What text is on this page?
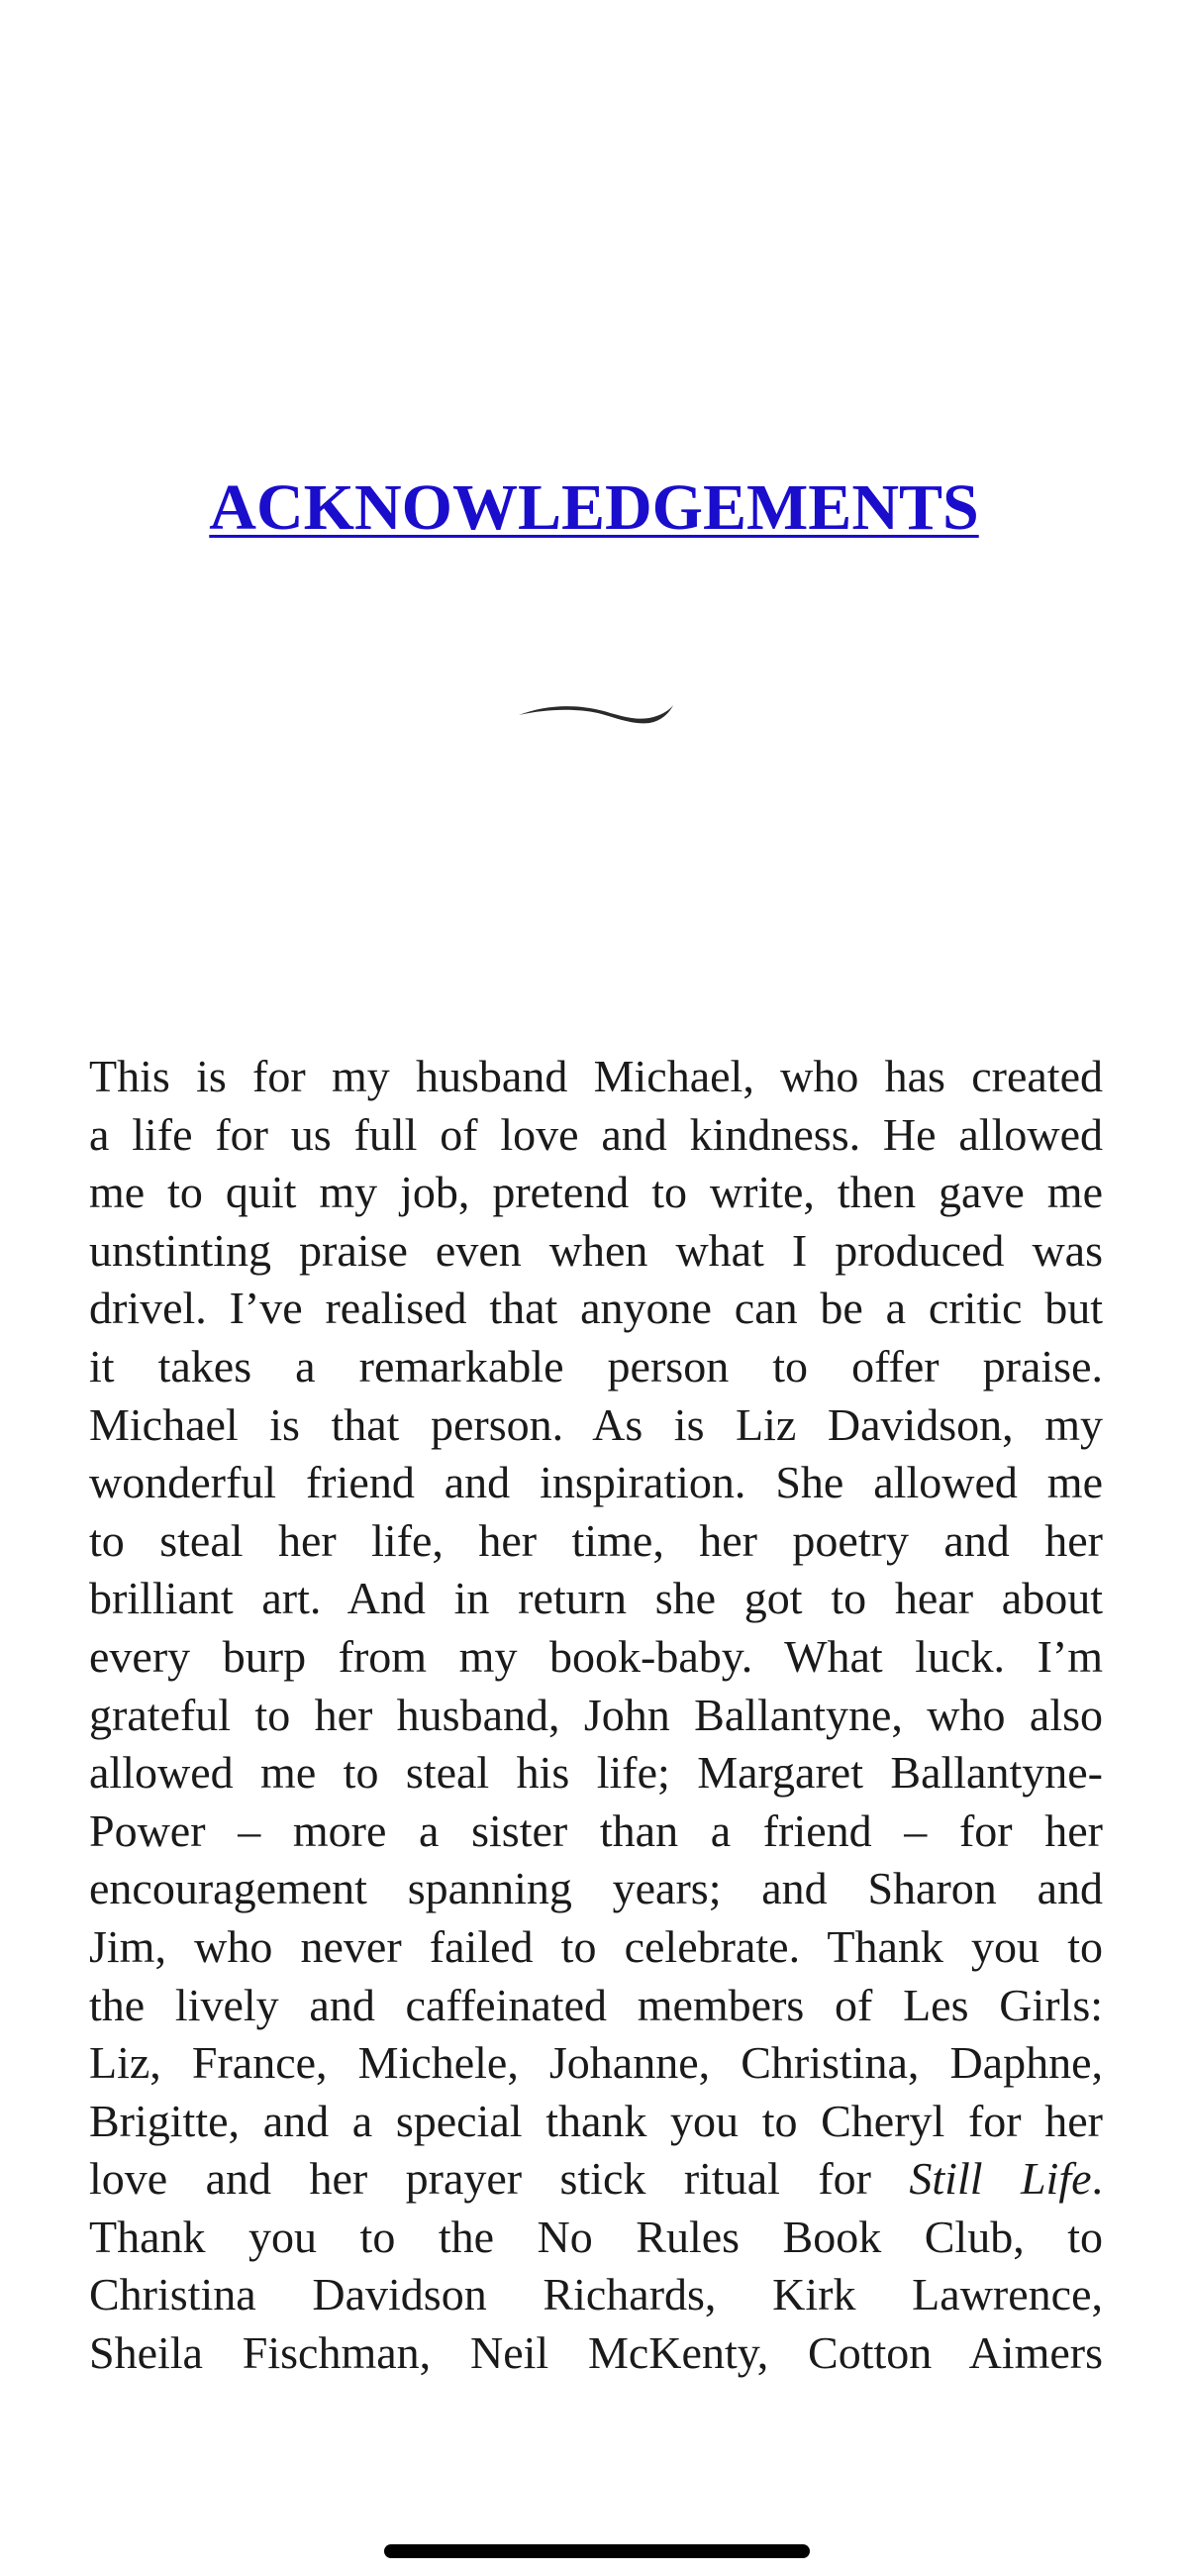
ACKNOWLEDGEMENTS
This is for my husband Michael, who has created
a life for us full of love and kindness. He allowed
me to quit my job, pretend to write, then gave me
unstinting praise even when what I produced was
drivel. I’ve realised that anyone can be a critic but
it takes a remarkable person to offer praise.
Michael is that person. As is Liz Davidson, my
wonderful friend and inspiration. She allowed me
to steal her life, her time, her poetry and her
brilliant art. And in return she got to hear about
every burp from my book-baby. What luck. I’m
grateful to her husband, John Ballantyne, who also
allowed me to steal his life; Margaret Ballantyne-
Power – more a sister than a friend – for her
encouragement spanning years; and Sharon and
Jim, who never failed to celebrate. Thank you to
the lively and caffeinated members of Les Girls:
Liz, France, Michele, Johanne, Christina, Daphne,
Brigitte, and a special thank you to Cheryl for her
love and her prayer stick ritual for Still Life.
Thank you to the No Rules Book Club, to
Christina Davidson Richards, Kirk Lawrence,
Sheila Fischman, Neil McKenty, Cotton Aimers
